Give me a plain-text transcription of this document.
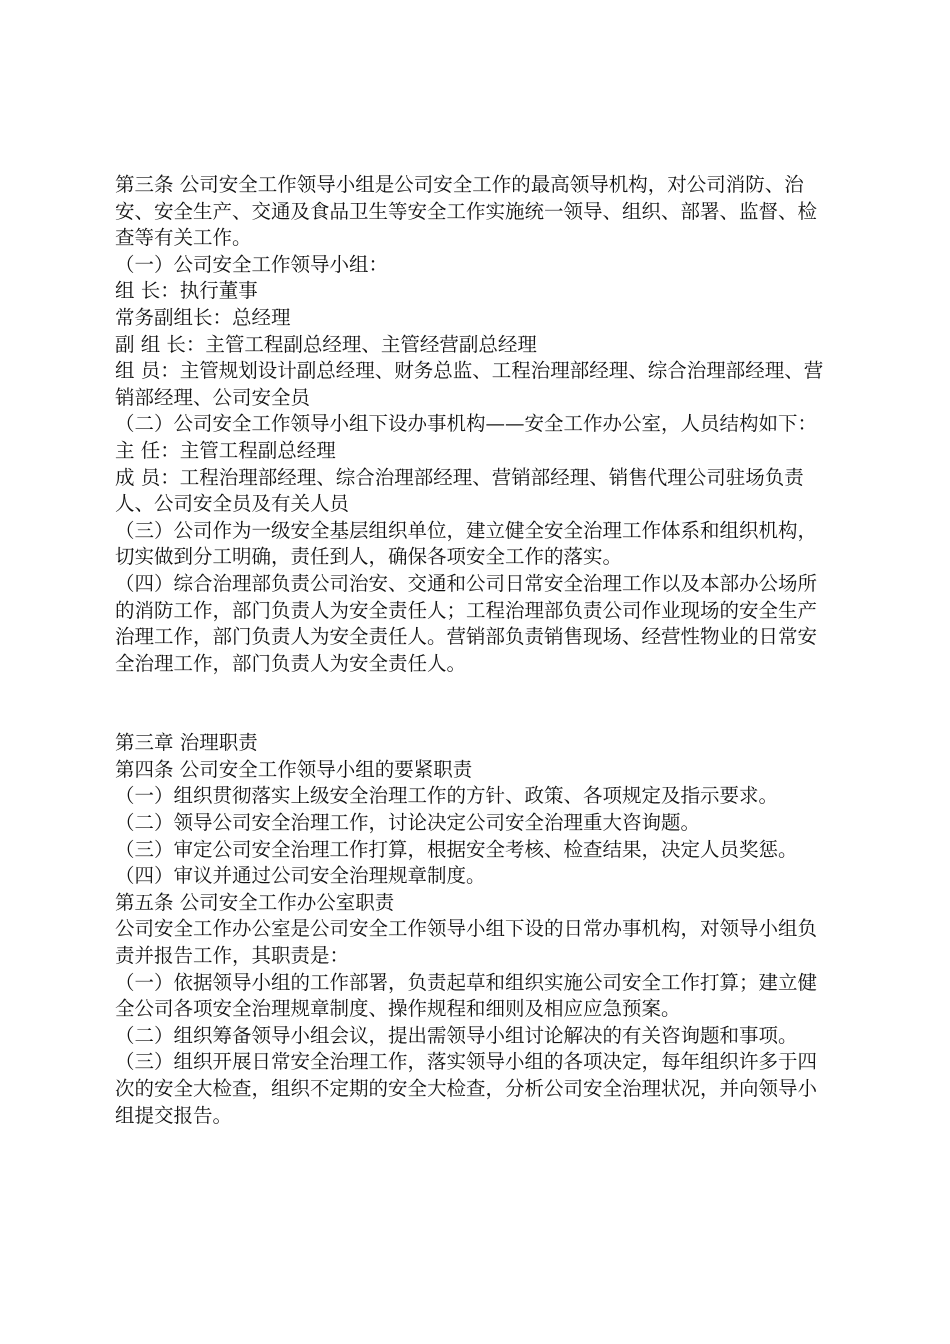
第三条 公司安全工作领导小组是公司安全工作的最高领导机构，对公司消防、治安、安全生产、交通及食品卫生等安全工作实施统一领导、组织、部署、监督、检查等有关工作。

（一）公司安全工作领导小组：

组 长：执行董事

常务副组长：总经理

副 组 长：主管工程副总经理、主管经营副总经理

组 员：主管规划设计副总经理、财务总监、工程治理部经理、综合治理部经理、营销部经理、公司安全员

（二）公司安全工作领导小组下设办事机构——安全工作办公室，人员结构如下：

主 任：主管工程副总经理

成 员：工程治理部经理、综合治理部经理、营销部经理、销售代理公司驻场负责人、公司安全员及有关人员

（三）公司作为一级安全基层组织单位，建立健全安全治理工作体系和组织机构，切实做到分工明确，责任到人，确保各项安全工作的落实。

（四）综合治理部负责公司治安、交通和公司日常安全治理工作以及本部办公场所的消防工作，部门负责人为安全责任人；工程治理部负责公司作业现场的安全生产治理工作，部门负责人为安全责任人。营销部负责销售现场、经营性物业的日常安全治理工作，部门负责人为安全责任人。

第三章 治理职责

第四条 公司安全工作领导小组的要紧职责

（一）组织贯彻落实上级安全治理工作的方针、政策、各项规定及指示要求。

（二）领导公司安全治理工作，讨论决定公司安全治理重大咨询题。

（三）审定公司安全治理工作打算，根据安全考核、检查结果，决定人员奖惩。

（四）审议并通过公司安全治理规章制度。

第五条 公司安全工作办公室职责

公司安全工作办公室是公司安全工作领导小组下设的日常办事机构，对领导小组负责并报告工作，其职责是：

（一）依据领导小组的工作部署，负责起草和组织实施公司安全工作打算；建立健全公司各项安全治理规章制度、操作规程和细则及相应应急预案。

（二）组织筹备领导小组会议，提出需领导小组讨论解决的有关咨询题和事项。

（三）组织开展日常安全治理工作，落实领导小组的各项决定，每年组织许多于四次的安全大检查，组织不定期的安全大检查，分析公司安全治理状况，并向领导小组提交报告。
